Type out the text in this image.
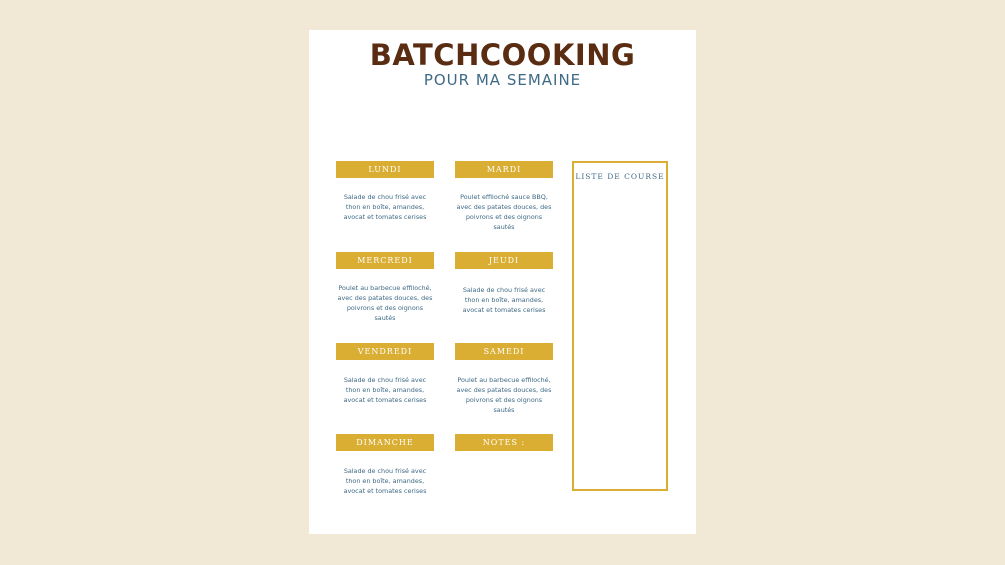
BATCHCOOKING
POUR MA SEMAINE
LUNDI
Salade de chou frisé avec thon en boîte, amandes, avocat et tomates cerises
MARDI
Poulet effiloché sauce BBQ, avec des patates douces, des poivrons et des oignons sautés
MERCREDI
Poulet au barbecue effiloché, avec des patates douces, des poivrons et des oignons sautés
JEUDI
Salade de chou frisé avec thon en boîte, amandes, avocat et tomates cerises
VENDREDI
Salade de chou frisé avec thon en boîte, amandes, avocat et tomates cerises
SAMEDI
Poulet au barbecue effiloché, avec des patates douces, des poivrons et des oignons sautés
DIMANCHE
Salade de chou frisé avec thon en boîte, amandes, avocat et tomates cerises
NOTES :
LISTE DE COURSE
